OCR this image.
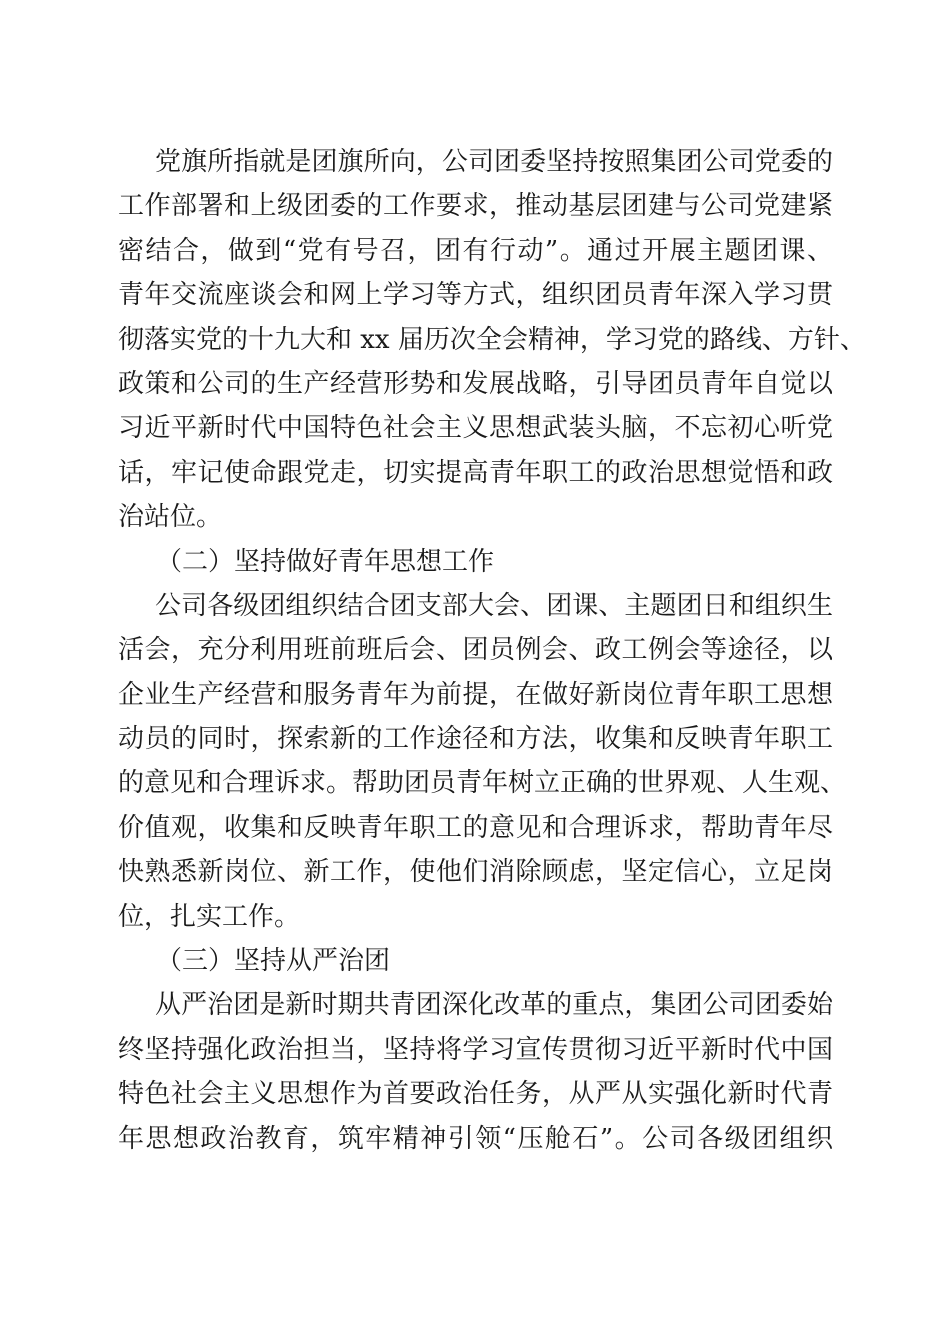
党旗所指就是团旗所向，公司团委坚持按照集团公司党委的
工作部署和上级团委的工作要求，推动基层团建与公司党建紧
密结合，做到“党有号召，团有行动”。通过开展主题团课、
青年交流座谈会和网上学习等方式，组织团员青年深入学习贯
彻落实党的十九大和 xx 届历次全会精神，学习党的路线、方针、
政策和公司的生产经营形势和发展战略，引导团员青年自觉以
习近平新时代中国特色社会主义思想武装头脑，不忘初心听党
话，牢记使命跟党走，切实提高青年职工的政治思想觉悟和政
治站位。
（二）坚持做好青年思想工作
公司各级团组织结合团支部大会、团课、主题团日和组织生
活会，充分利用班前班后会、团员例会、政工例会等途径，以
企业生产经营和服务青年为前提，在做好新岗位青年职工思想
动员的同时，探索新的工作途径和方法，收集和反映青年职工
的意见和合理诉求。帮助团员青年树立正确的世界观、人生观、
价值观，收集和反映青年职工的意见和合理诉求，帮助青年尽
快熟悉新岗位、新工作，使他们消除顾虑，坚定信心，立足岗
位，扎实工作。
（三）坚持从严治团
从严治团是新时期共青团深化改革的重点，集团公司团委始
终坚持强化政治担当，坚持将学习宣传贯彻习近平新时代中国
特色社会主义思想作为首要政治任务，从严从实强化新时代青
年思想政治教育，筑牢精神引领“压舱石”。公司各级团组织
